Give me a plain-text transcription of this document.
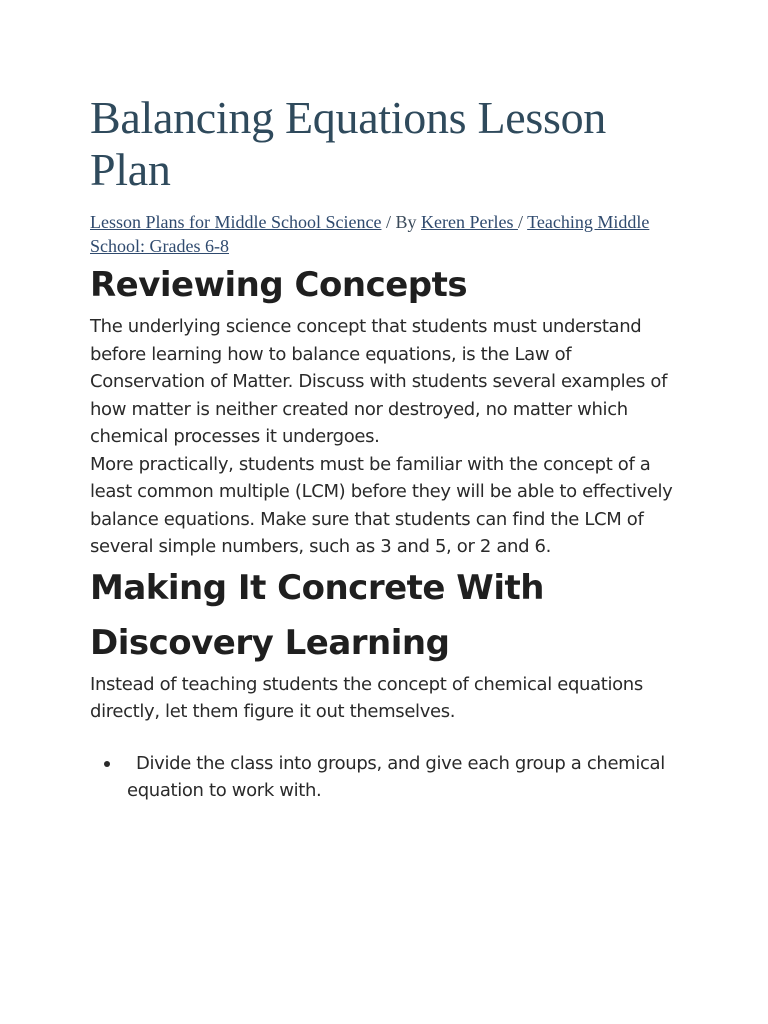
Balancing Equations Lesson Plan
Lesson Plans for Middle School Science / By Keren Perles / Teaching Middle School: Grades 6-8
Reviewing Concepts

The underlying science concept that students must understand before learning how to balance equations, is the Law of Conservation of Matter. Discuss with students several examples of how matter is neither created nor destroyed, no matter which chemical processes it undergoes.

More practically, students must be familiar with the concept of a least common multiple (LCM) before they will be able to effectively balance equations. Make sure that students can find the LCM of several simple numbers, such as 3 and 5, or 2 and 6.

Making It Concrete With Discovery Learning

Instead of teaching students the concept of chemical equations directly, let them figure it out themselves.

Divide the class into groups, and give each group a chemical equation to work with.
